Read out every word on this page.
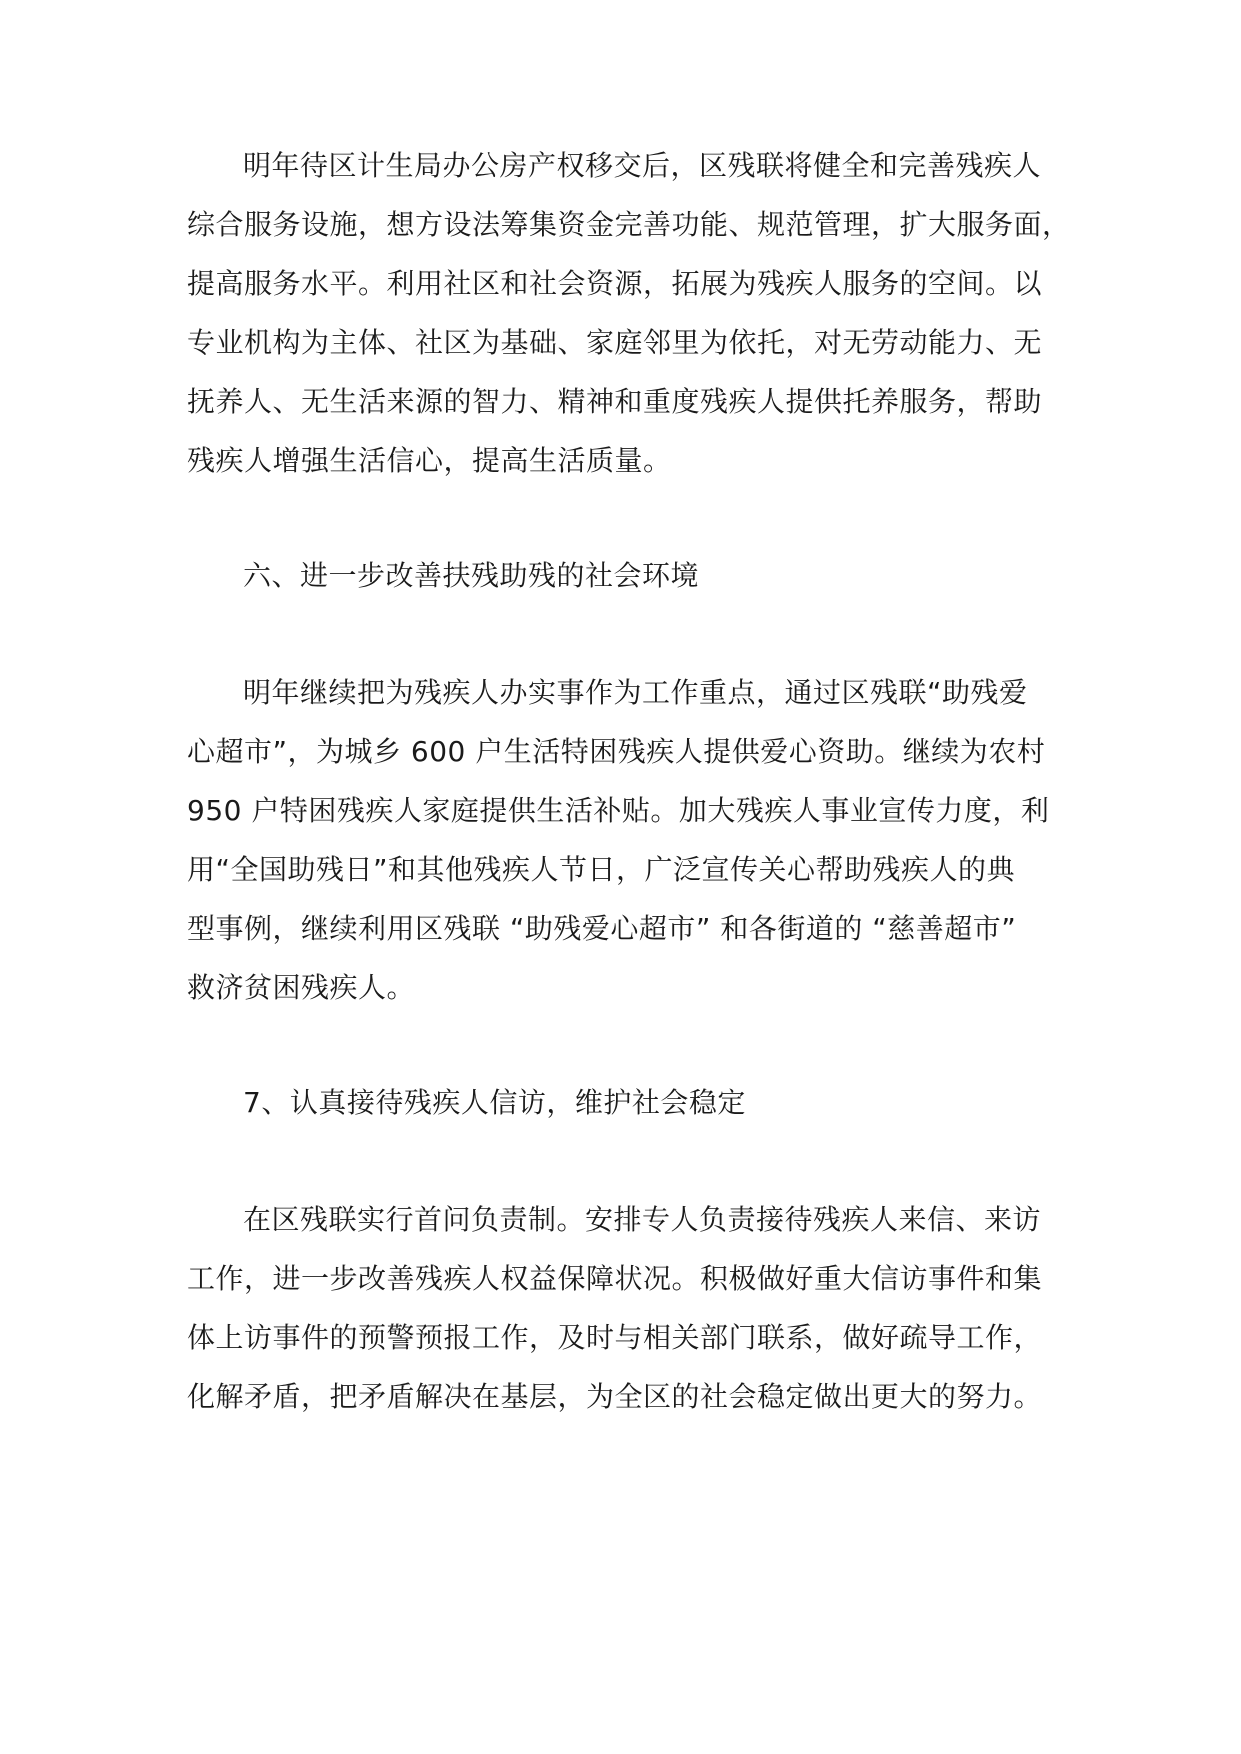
明年待区计生局办公房产权移交后，区残联将健全和完善残疾人
综合服务设施，想方设法筹集资金完善功能、规范管理，扩大服务面，
提高服务水平。利用社区和社会资源，拓展为残疾人服务的空间。以
专业机构为主体、社区为基础、家庭邻里为依托，对无劳动能力、无
抚养人、无生活来源的智力、精神和重度残疾人提供托养服务，帮助
残疾人增强生活信心，提高生活质量。
六、进一步改善扶残助残的社会环境
明年继续把为残疾人办实事作为工作重点，通过区残联“助残爱
心超市”，为城乡 600 户生活特困残疾人提供爱心资助。继续为农村
950 户特困残疾人家庭提供生活补贴。加大残疾人事业宣传力度，利
用“全国助残日”和其他残疾人节日，广泛宣传关心帮助残疾人的典
型事例，继续利用区残联 “助残爱心超市” 和各街道的 “慈善超市”
救济贫困残疾人。
7、认真接待残疾人信访，维护社会稳定
在区残联实行首问负责制。安排专人负责接待残疾人来信、来访
工作，进一步改善残疾人权益保障状况。积极做好重大信访事件和集
体上访事件的预警预报工作，及时与相关部门联系，做好疏导工作，
化解矛盾，把矛盾解决在基层，为全区的社会稳定做出更大的努力。
